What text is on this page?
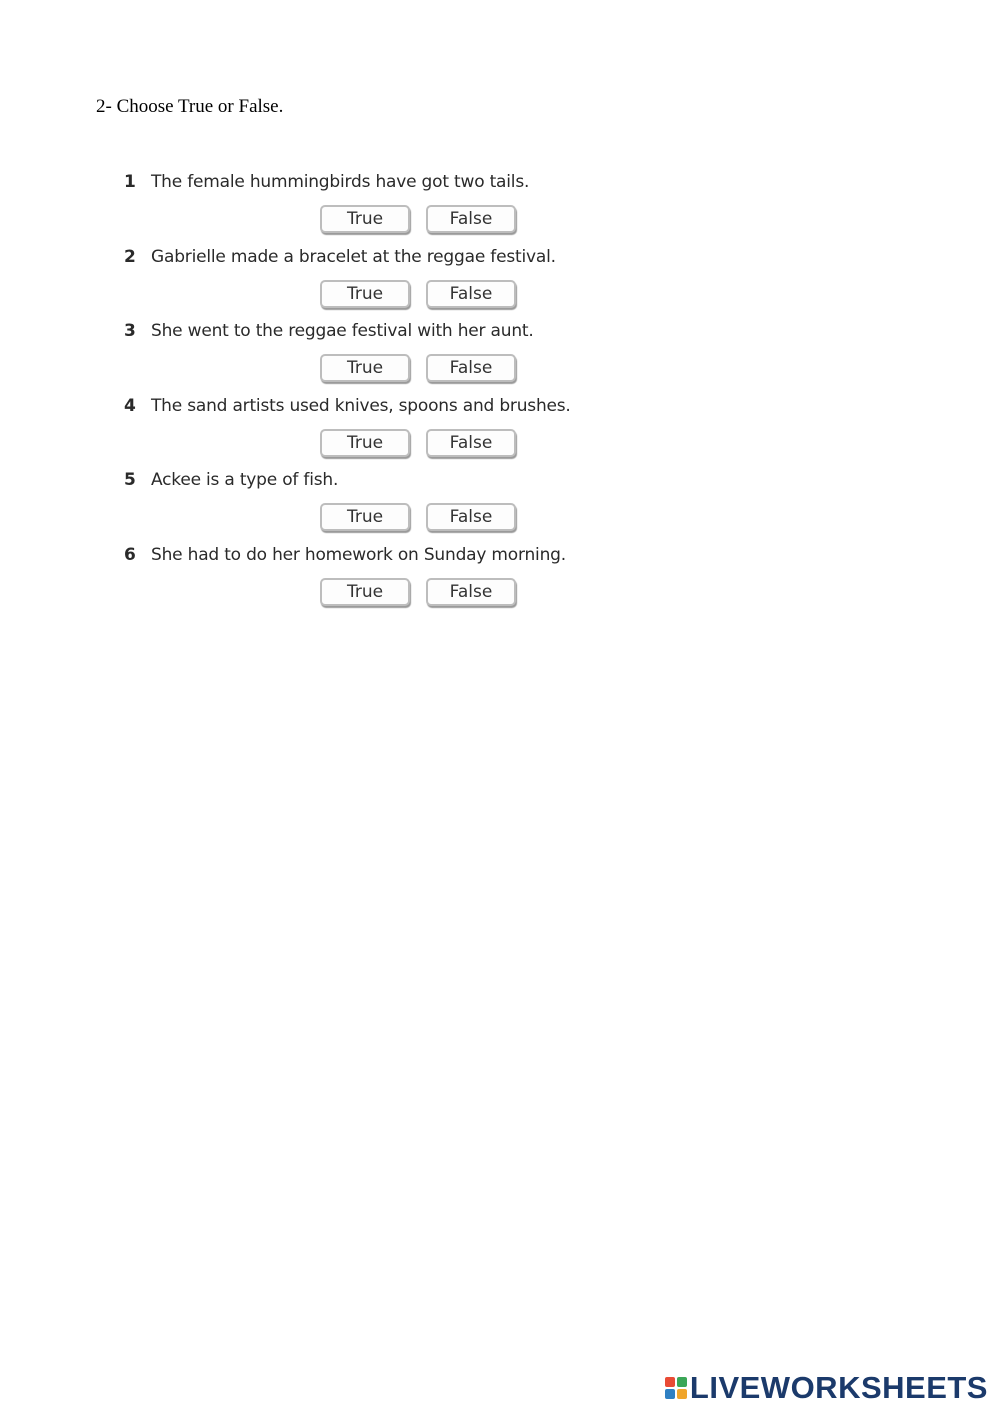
2- Choose True or False.
1 The female hummingbirds have got two tails.
True	False
2 Gabrielle made a bracelet at the reggae festival.
True	False
3 She went to the reggae festival with her aunt.
True	False
4 The sand artists used knives, spoons and brushes.
True	False
5 Ackee is a type of fish.
True	False
6 She had to do her homework on Sunday morning.
True	False
LIVEWORKSHEETS
